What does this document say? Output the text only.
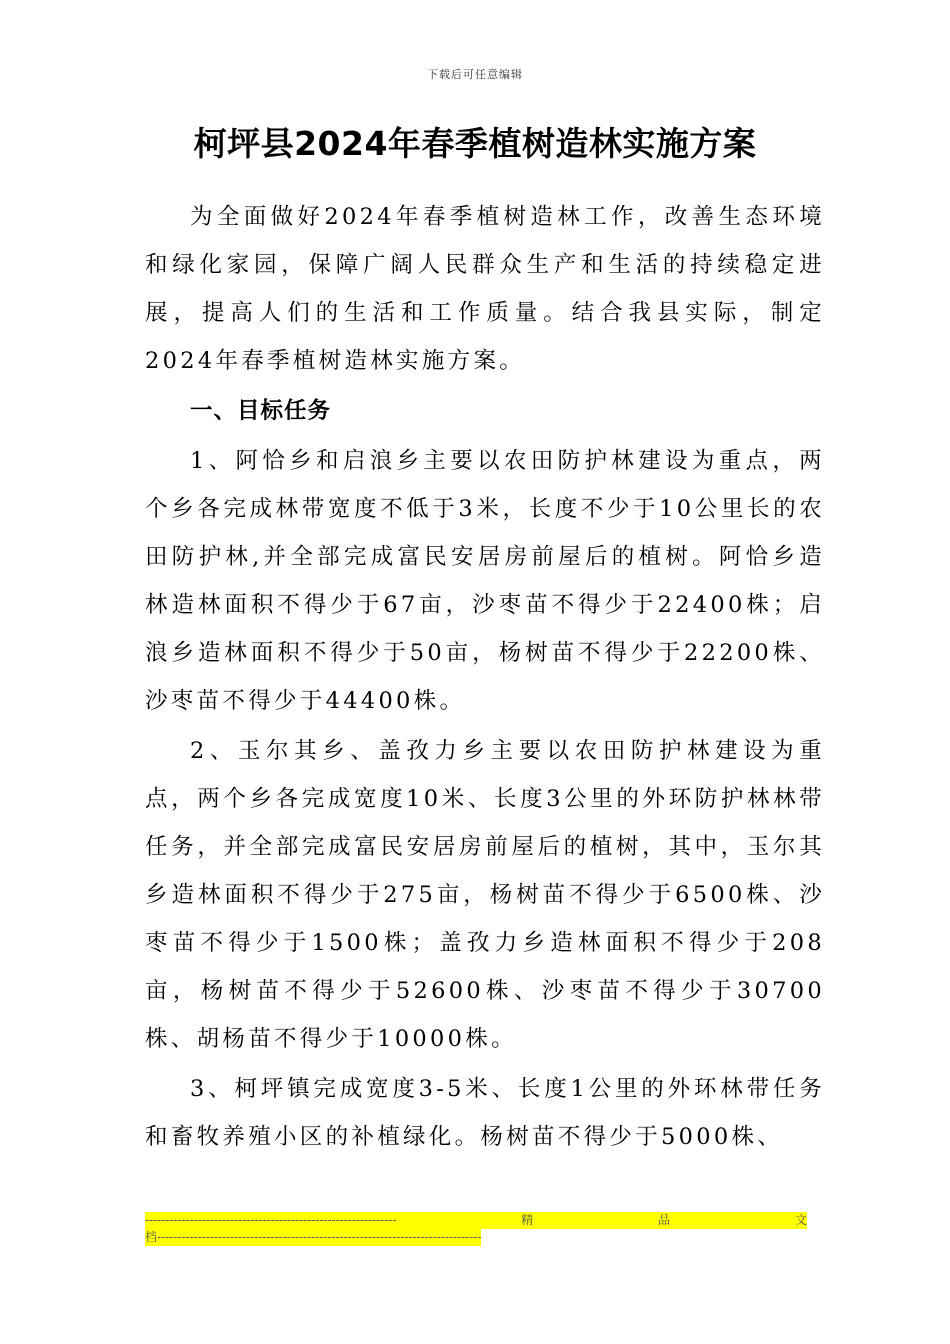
下载后可任意编辑
柯坪县2024年春季植树造林实施方案

为全面做好2024年春季植树造林工作，改善生态环境和绿化家园，保障广阔人民群众生产和生活的持续稳定进展，提高人们的生活和工作质量。结合我县实际，制定2024年春季植树造林实施方案。

一、目标任务

1、阿恰乡和启浪乡主要以农田防护林建设为重点，两个乡各完成林带宽度不低于3米，长度不少于10公里长的农田防护林,并全部完成富民安居房前屋后的植树。阿恰乡造林造林面积不得少于67亩，沙枣苗不得少于22400株；启浪乡造林面积不得少于50亩，杨树苗不得少于22200株、沙枣苗不得少于44400株。

2、玉尔其乡、盖孜力乡主要以农田防护林建设为重点，两个乡各完成宽度10米、长度3公里的外环防护林林带任务，并全部完成富民安居房前屋后的植树，其中，玉尔其乡造林面积不得少于275亩，杨树苗不得少于6500株、沙枣苗不得少于1500株；盖孜力乡造林面积不得少于208亩，杨树苗不得少于52600株、沙枣苗不得少于30700株、胡杨苗不得少于10000株。

3、柯坪镇完成宽度3-5米、长度1公里的外环林带任务和畜牧养殖小区的补植绿化。杨树苗不得少于5000株、

--------------------------------------------------------------	精	品	文
档--------------------------------------------------------------------------------
